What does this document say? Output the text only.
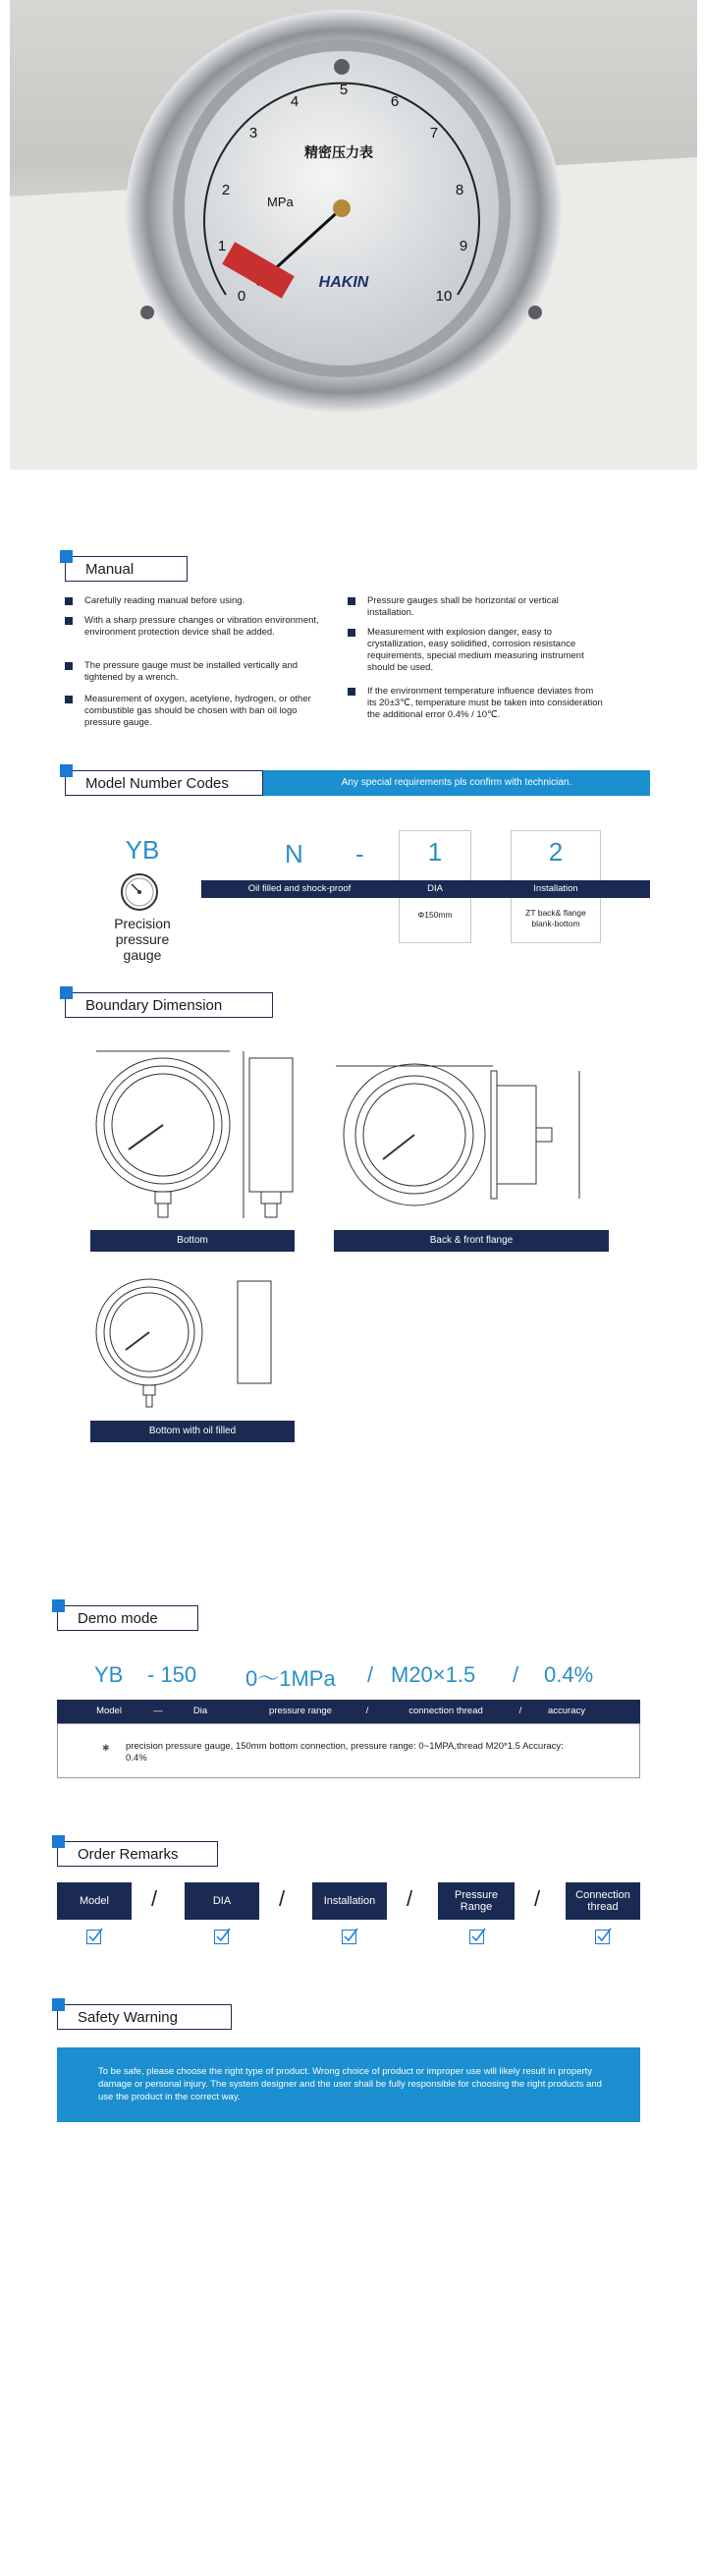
0
1
2
3
4
5
6
7
8
9
10
精密压力表
MPa
HAKIN
Manual
Carefully reading manual before using.
With a sharp pressure changes or vibration environment, environment protection device shall be added.
The pressure gauge must be installed vertically and tightened by a wrench.
Measurement of oxygen, acetylene, hydrogen, or other combustible gas should be chosen with ban oil logo pressure gauge.
Pressure gauges shall be horizontal or vertical installation.
Measurement with explosion danger, easy to crystallization, easy solidified, corrosion resistance requirements, special medium measuring instrument should be used.
If the environment temperature influence deviates from its 20±3℃, temperature must be taken into consideration the additional error 0.4% / 10℃.
Model Number Codes	Any special requirements pls confirm with technician.
YB
Precision pressure gauge
N -	1	2
Oil filled and shock-proof	DIA	Installation
Φ150mm	ZT back& flange blank-bottom
Boundary Dimension
Bottom	Back & front flange
Bottom with oil filled
Demo mode
YB - 150 0～1MPa / M20×1.5 / 0.4%
Model	—	Dia	pressure range	/	connection thread	/	accuracy
✱ precision pressure gauge, 150mm bottom connection, pressure range: 0~1MPA,thread M20*1.5 Accuracy: 0.4%
Order Remarks
Model	/	DIA	/	Installation	/	Pressure Range	/	Connection thread
Safety Warning
To be safe, please choose the right type of product. Wrong choice of product or improper use will likely result in property damage or personal injury. The system designer and the user shall be fully responsible for choosing the right products and use the product in the correct way.
